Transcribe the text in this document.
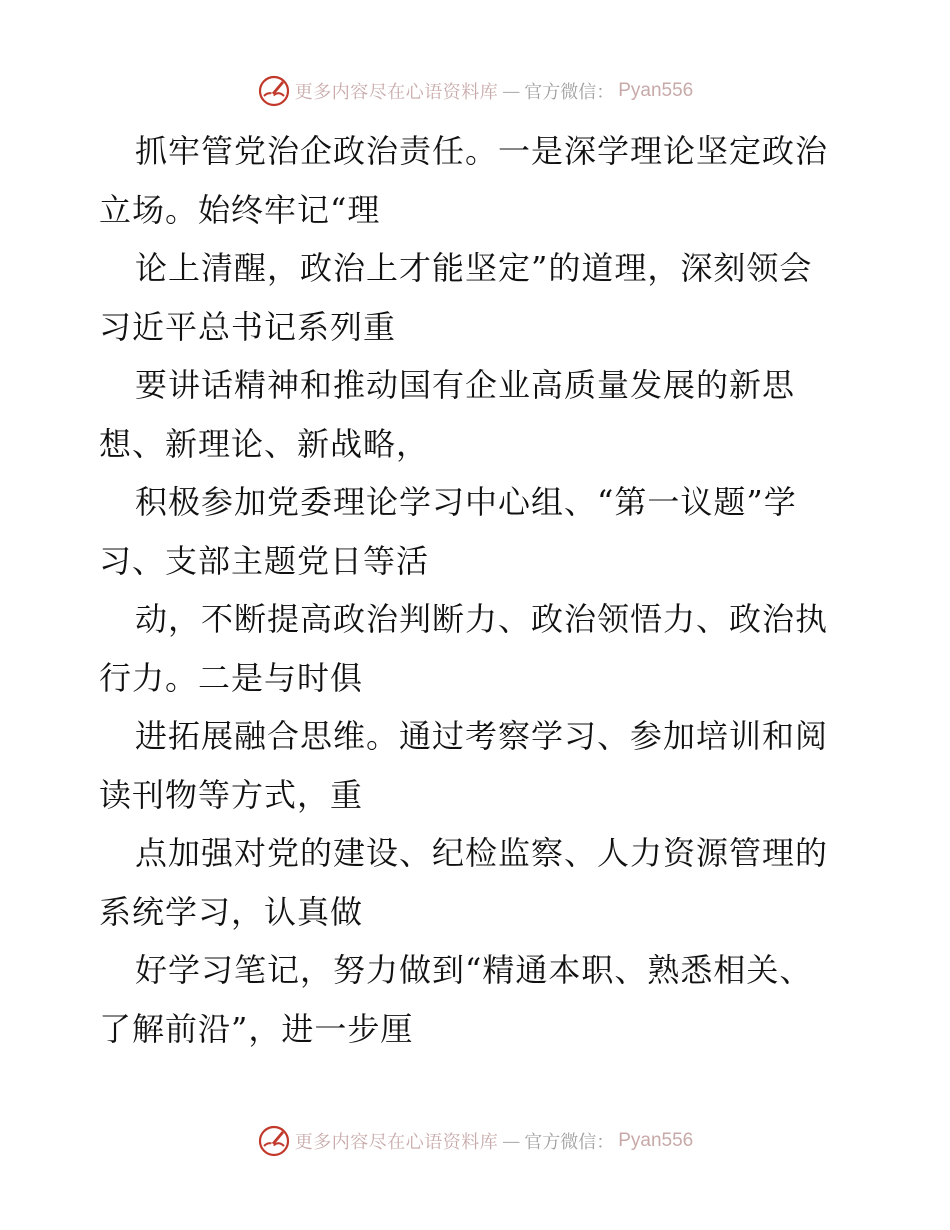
更多内容尽在心语资料库 — 官方微信： Pyan556
抓牢管党治企政治责任。一是深学理论坚定政治
立场。始终牢记“理
论上清醒，政治上才能坚定”的道理，深刻领会
习近平总书记系列重
要讲话精神和推动国有企业高质量发展的新思
想、新理论、新战略，
积极参加党委理论学习中心组、“第一议题”学
习、支部主题党日等活
动，不断提高政治判断力、政治领悟力、政治执
行力。二是与时俱
进拓展融合思维。通过考察学习、参加培训和阅
读刊物等方式，重
点加强对党的建设、纪检监察、人力资源管理的
系统学习，认真做
好学习笔记，努力做到“精通本职、熟悉相关、
了解前沿”，进一步厘
更多内容尽在心语资料库 — 官方微信： Pyan556
